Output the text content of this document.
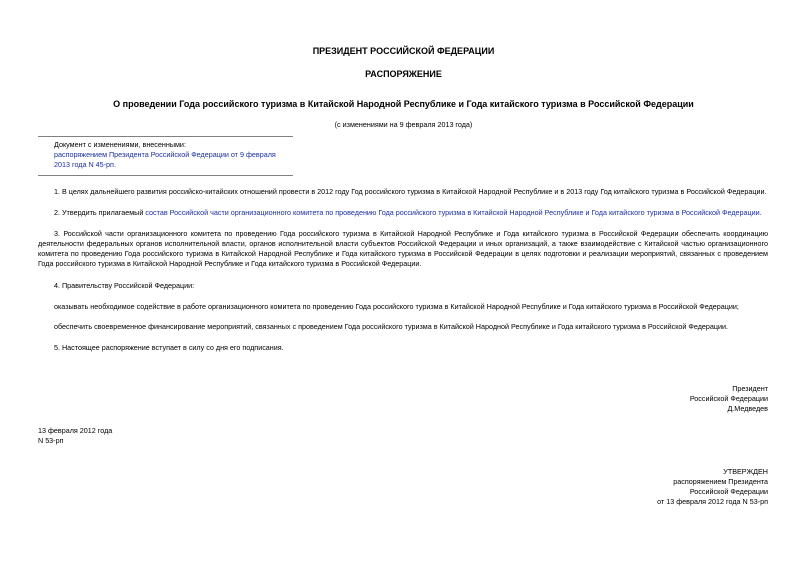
ПРЕЗИДЕНТ РОССИЙСКОЙ ФЕДЕРАЦИИ
РАСПОРЯЖЕНИЕ
О проведении Года российского туризма в Китайской Народной Республике и Года китайского туризма в Российской Федерации
(с изменениями на 9 февраля 2013 года)
Документ с изменениями, внесенными:
распоряжением Президента Российской Федерации от 9 февраля 2013 года N 45-рп.
1. В целях дальнейшего развития российско-китайских отношений провести в 2012 году Год российского туризма в Китайской Народной Республике и в 2013 году Год китайского туризма в Российской Федерации.
2. Утвердить прилагаемый состав Российской части организационного комитета по проведению Года российского туризма в Китайской Народной Республике и Года китайского туризма в Российской Федерации.
3. Российской части организационного комитета по проведению Года российского туризма в Китайской Народной Республике и Года китайского туризма в Российской Федерации обеспечить координацию деятельности федеральных органов исполнительной власти, органов исполнительной власти субъектов Российской Федерации и иных организаций, а также взаимодействие с Китайской частью организационного комитета по проведению Года российского туризма в Китайской Народной Республике и Года китайского туризма в Российской Федерации в целях подготовки и реализации мероприятий, связанных с проведением Года российского туризма в Китайской Народной Республике и Года китайского туризма в Российской Федерации.
4. Правительству Российской Федерации:
оказывать необходимое содействие в работе организационного комитета по проведению Года российского туризма в Китайской Народной Республике и Года китайского туризма в Российской Федерации;
обеспечить своевременное финансирование мероприятий, связанных с проведением Года российского туризма в Китайской Народной Республике и Года китайского туризма в Российской Федерации.
5. Настоящее распоряжение вступает в силу со дня его подписания.
Президент
Российской Федерации
Д.Медведев
13 февраля 2012 года
N 53-рп
УТВЕРЖДЕН
распоряжением Президента
Российской Федерации
от 13 февраля 2012 года N 53-рп
